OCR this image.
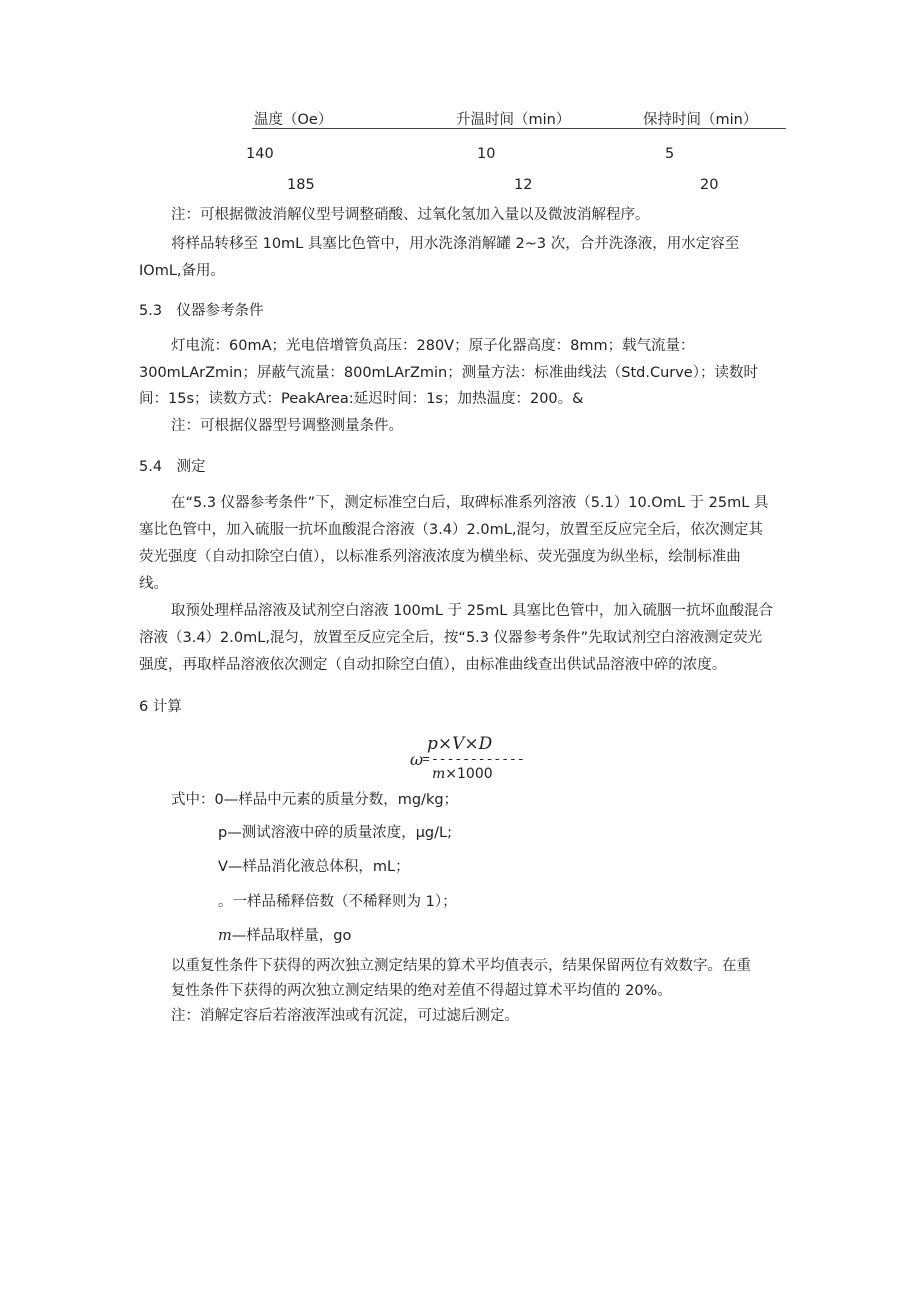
温度（Oe）	升温时间（min）	保持时间（min）
140	10	5
185	12	20
注：可根据微波消解仪型号调整硝酸、过氧化氢加入量以及微波消解程序。
将样品转移至 10mL 具塞比色管中，用水洗涤消解罐 2~3 次，合并洗涤液，用水定容至
IOmL,备用。
5.3　仪器参考条件
灯电流：60mA；光电倍增管负高压：280V；原子化器高度：8mm；载气流量：
300mLArZmin；屏蔽气流量：800mLArZmin；测量方法：标准曲线法（Std.Curve）；读数时
间：15s；读数方式：PeakArea:延迟时间：1s；加热温度：200。&
注：可根据仪器型号调整测量条件。
5.4　测定
在“5.3 仪器参考条件”下，测定标准空白后，取碑标准系列溶液（5.1）10.OmL 于 25mL 具
塞比色管中，加入硫服一抗坏血酸混合溶液（3.4）2.0mL,混匀，放置至反应完全后，依次测定其
荧光强度（自动扣除空白值），以标准系列溶液浓度为横坐标、荧光强度为纵坐标，绘制标准曲
线。
取预处理样品溶液及试剂空白溶液 100mL 于 25mL 具塞比色管中，加入硫胭一抗坏血酸混合
溶液（3.4）2.0mL,混匀，放置至反应完全后，按“5.3 仪器参考条件”先取试剂空白溶液测定荧光
强度，再取样品溶液依次测定（自动扣除空白值），由标准曲线查出供试品溶液中碎的浓度。
6 计算
p×V×D
ω
= ------------
m×1000
式中：0—样品中元素的质量分数，mg/kg；
p—测试溶液中碎的质量浓度，μg∕L;
V—样品消化液总体积，mL；
。一样品稀释倍数（不稀释则为 1）；
m—样品取样量，go
以重复性条件下获得的两次独立测定结果的算术平均值表示，结果保留两位有效数字。在重
复性条件下获得的两次独立测定结果的绝对差值不得超过算术平均值的 20%。
注：消解定容后若溶液浑浊或有沉淀，可过滤后测定。
